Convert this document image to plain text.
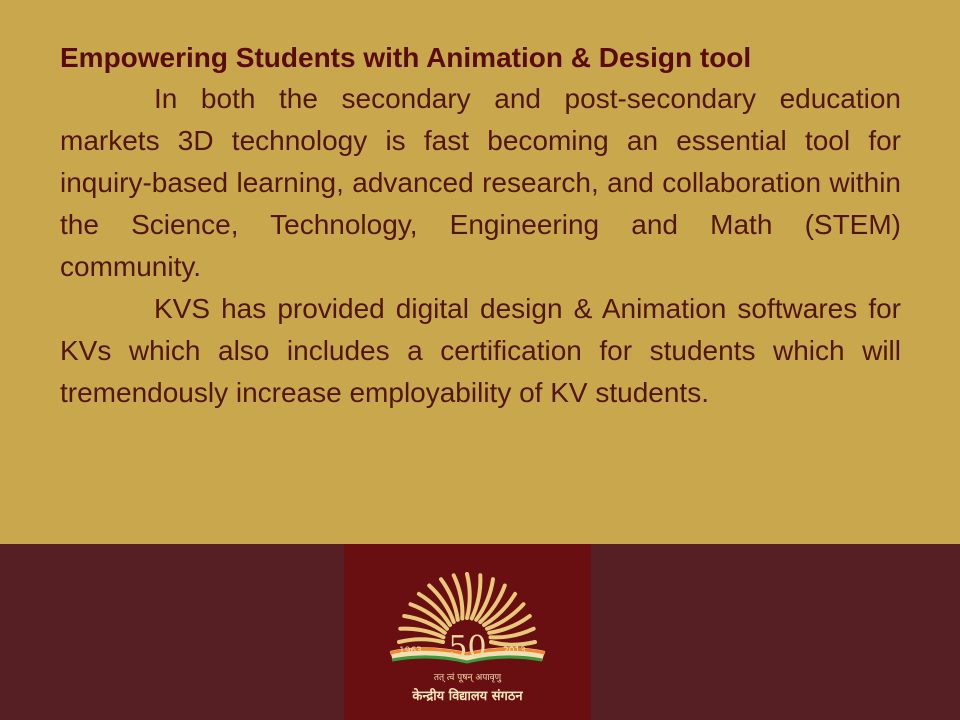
Empowering Students with Animation & Design tool

In both the secondary and post-secondary education markets 3D technology is fast becoming an essential tool for inquiry-based learning, advanced research, and collaboration within the Science, Technology, Engineering and Math (STEM) community.

KVS has provided digital design & Animation softwares for KVs which also includes a certification for students which will tremendously increase employability of KV students.

1963 50	2013
तत् त्वं पूषन् अपावृणु
केन्द्रीय विद्यालय संगठन
